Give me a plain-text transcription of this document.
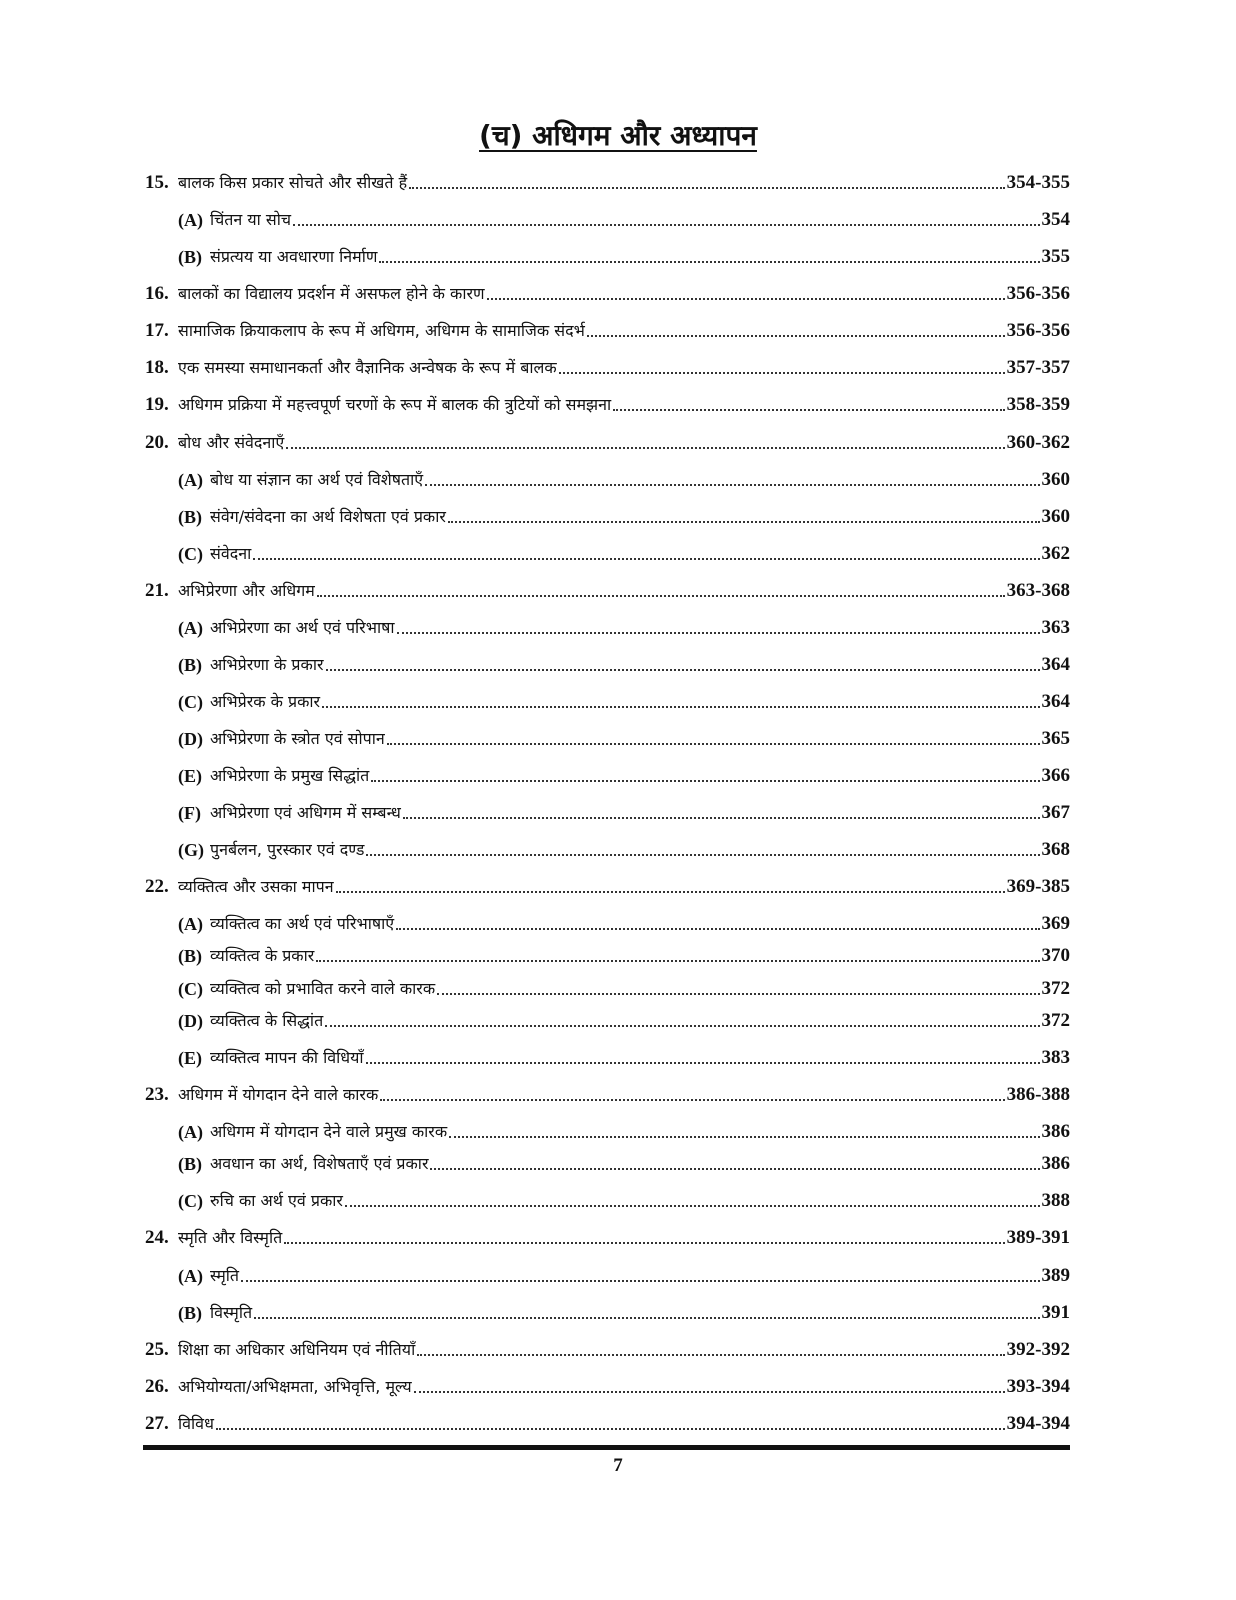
(च) अधिगम और अध्यापन
15. बालक किस प्रकार सोचते और सीखते हैं	354-355
(A) चिंतन या सोच	354
(B) संप्रत्यय या अवधारणा निर्माण	355
16. बालकों का विद्यालय प्रदर्शन में असफल होने के कारण	356-356
17. सामाजिक क्रियाकलाप के रूप में अधिगम, अधिगम के सामाजिक संदर्भ	356-356
18. एक समस्या समाधानकर्ता और वैज्ञानिक अन्वेषक के रूप में बालक	357-357
19. अधिगम प्रक्रिया में महत्त्वपूर्ण चरणों के रूप में बालक की त्रुटियों को समझना	358-359
20. बोध और संवेदनाएँ	360-362
(A) बोध या संज्ञान का अर्थ एवं विशेषताएँ	360
(B) संवेग/संवेदना का अर्थ विशेषता एवं प्रकार	360
(C) संवेदना	362
21. अभिप्रेरणा और अधिगम	363-368
(A) अभिप्रेरणा का अर्थ एवं परिभाषा	363
(B) अभिप्रेरणा के प्रकार	364
(C) अभिप्रेरक के प्रकार	364
(D) अभिप्रेरणा के स्त्रोत एवं सोपान	365
(E) अभिप्रेरणा के प्रमुख सिद्धांत	366
(F) अभिप्रेरणा एवं अधिगम में सम्बन्ध	367
(G) पुनर्बलन, पुरस्कार एवं दण्ड	368
22. व्यक्तित्व और उसका मापन	369-385
(A) व्यक्तित्व का अर्थ एवं परिभाषाएँ	369
(B) व्यक्तित्व के प्रकार	370
(C) व्यक्तित्व को प्रभावित करने वाले कारक	372
(D) व्यक्तित्व के सिद्धांत	372
(E) व्यक्तित्व मापन की विधियाँ	383
23. अधिगम में योगदान देने वाले कारक	386-388
(A) अधिगम में योगदान देने वाले प्रमुख कारक	386
(B) अवधान का अर्थ, विशेषताएँ एवं प्रकार	386
(C) रुचि का अर्थ एवं प्रकार	388
24. स्मृति और विस्मृति	389-391
(A) स्मृति	389
(B) विस्मृति	391
25. शिक्षा का अधिकार अधिनियम एवं नीतियाँ	392-392
26. अभियोग्यता/अभिक्षमता, अभिवृत्ति, मूल्य	393-394
27. विविध	394-394
7
